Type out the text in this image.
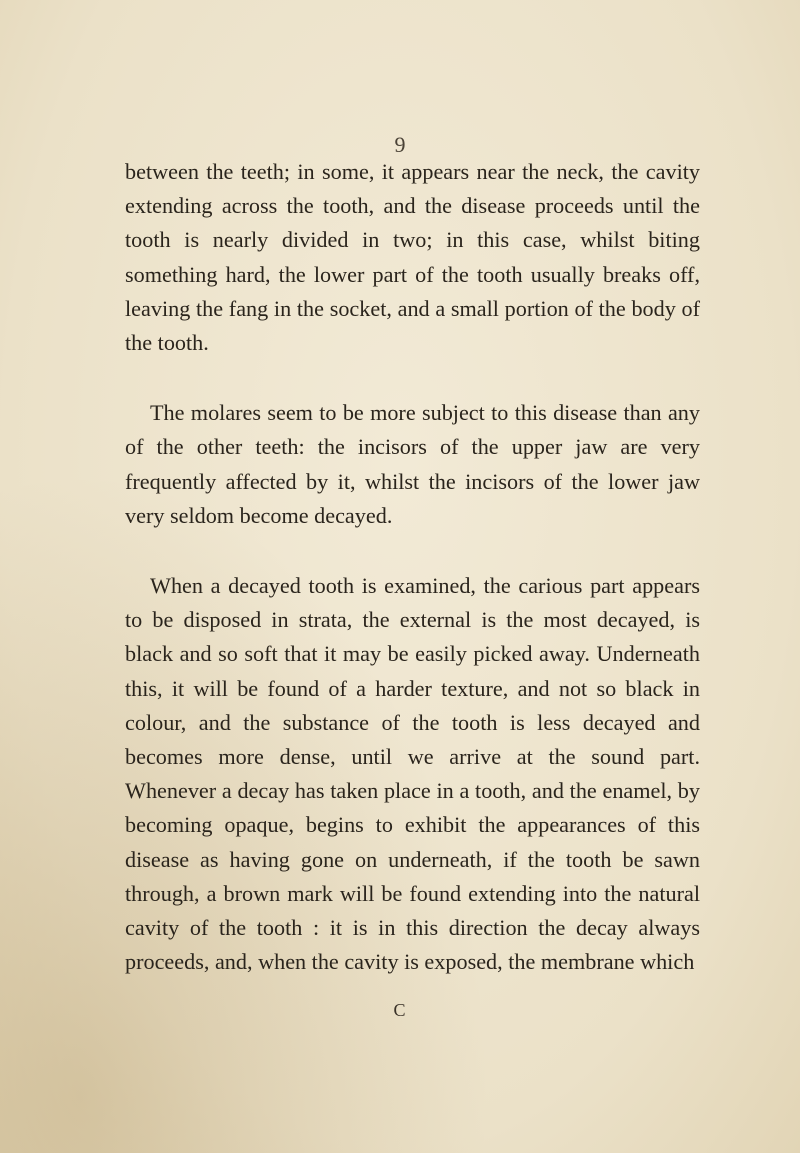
9

between the teeth; in some, it appears near the neck, the cavity extending across the tooth, and the disease proceeds until the tooth is nearly divided in two; in this case, whilst biting something hard, the lower part of the tooth usually breaks off, leaving the fang in the socket, and a small portion of the body of the tooth.

The molares seem to be more subject to this disease than any of the other teeth: the incisors of the upper jaw are very frequently affected by it, whilst the incisors of the lower jaw very seldom become decayed.

When a decayed tooth is examined, the carious part appears to be disposed in strata, the external is the most decayed, is black and so soft that it may be easily picked away. Underneath this, it will be found of a harder texture, and not so black in colour, and the substance of the tooth is less decayed and becomes more dense, until we arrive at the sound part. Whenever a decay has taken place in a tooth, and the enamel, by becoming opaque, begins to exhibit the appearances of this disease as having gone on underneath, if the tooth be sawn through, a brown mark will be found extending into the natural cavity of the tooth : it is in this direction the decay always proceeds, and, when the cavity is exposed, the membrane which

C
